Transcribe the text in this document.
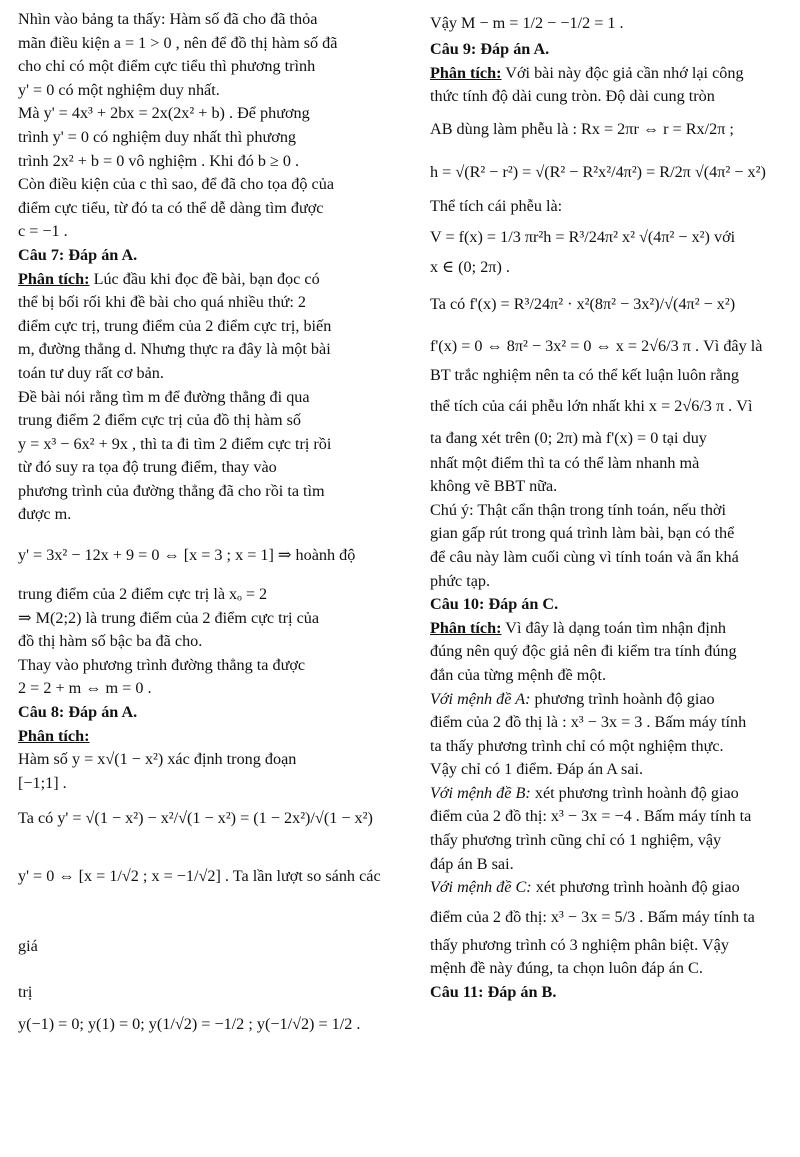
Nhìn vào bảng ta thấy: Hàm số đã cho đã thỏa

mãn điều kiện a = 1 > 0 , nên để đồ thị hàm số đã

cho chỉ có một điểm cực tiểu thì phương trình

y' = 0 có một nghiệm duy nhất.

Mà y' = 4x³ + 2bx = 2x(2x² + b) . Để phương

trình y' = 0 có nghiệm duy nhất thì phương

trình 2x² + b = 0 vô nghiệm . Khi đó b ≥ 0 .

Còn điều kiện của c thì sao, để đã cho tọa độ của

điểm cực tiểu, từ đó ta có thể dễ dàng tìm được

c = −1 .

Câu 7: Đáp án A.

Phân tích: Lúc đầu khi đọc đề bài, bạn đọc có

thể bị bối rối khi đề bài cho quá nhiều thứ: 2

điểm cực trị, trung điểm của 2 điểm cực trị, biến

m, đường thẳng d. Nhưng thực ra đây là một bài

toán tư duy rất cơ bản.

Đề bài nói rằng tìm m để đường thẳng đi qua

trung điểm 2 điểm cực trị của đồ thị hàm số

y = x³ − 6x² + 9x , thì ta đi tìm 2 điểm cực trị rồi

từ đó suy ra tọa độ trung điểm, thay vào

phương trình của đường thẳng đã cho rồi ta tìm

được m.

y' = 3x² − 12x + 9 = 0 ⇔ [x = 3 ; x = 1] ⇒ hoành độ

trung điểm của 2 điểm cực trị là xₒ = 2

⇒ M(2;2) là trung điểm của 2 điểm cực trị của

đồ thị hàm số bậc ba đã cho.

Thay vào phương trình đường thẳng ta được

2 = 2 + m ⇔ m = 0 .

Câu 8: Đáp án A.

Phân tích:

Hàm số y = x√(1 − x²) xác định trong đoạn

[−1;1] .

Ta có y' = √(1 − x²) − x²/√(1 − x²) = (1 − 2x²)/√(1 − x²)

y' = 0 ⇔ [x = 1/√2 ; x = −1/√2] . Ta lần lượt so sánh các giá

trị

y(−1) = 0; y(1) = 0; y(1/√2) = −1/2 ; y(−1/√2) = 1/2 .

Vậy M − m = 1/2 − −1/2 = 1 .

Câu 9: Đáp án A.

Phân tích: Với bài này độc giả cần nhớ lại công

thức tính độ dài cung tròn. Độ dài cung tròn

AB dùng làm phễu là : Rx = 2πr ⇔ r = Rx/2π ;

h = √(R² − r²) = √(R² − R²x²/4π²) = R/2π √(4π² − x²)

Thể tích cái phễu là:

V = f(x) = 1/3 πr²h = R³/24π² x² √(4π² − x²) với

x ∈ (0; 2π) .

Ta có f'(x) = R³/24π² · x²(8π² − 3x²)/√(4π² − x²)

f'(x) = 0 ⇔ 8π² − 3x² = 0 ⇔ x = 2√6/3 π . Vì đây là

BT trắc nghiệm nên ta có thể kết luận luôn rằng

thể tích của cái phễu lớn nhất khi x = 2√6/3 π . Vì

ta đang xét trên (0; 2π) mà f'(x) = 0 tại duy

nhất một điểm thì ta có thể làm nhanh mà

không vẽ BBT nữa.

Chú ý: Thật cẩn thận trong tính toán, nếu thời

gian gấp rút trong quá trình làm bài, bạn có thể

để câu này làm cuối cùng vì tính toán và ẩn khá

phức tạp.

Câu 10: Đáp án C.

Phân tích: Vì đây là dạng toán tìm nhận định

đúng nên quý độc giả nên đi kiểm tra tính đúng

đắn của từng mệnh đề một.

Với mệnh đề A: phương trình hoành độ giao

điểm của 2 đồ thị là : x³ − 3x = 3 . Bấm máy tính

ta thấy phương trình chỉ có một nghiệm thực.

Vậy chỉ có 1 điểm. Đáp án A sai.

Với mệnh đề B: xét phương trình hoành độ giao

điểm của 2 đồ thị: x³ − 3x = −4 . Bấm máy tính ta

thấy phương trình cũng chỉ có 1 nghiệm, vậy

đáp án B sai.

Với mệnh đề C: xét phương trình hoành độ giao

điểm của 2 đồ thị: x³ − 3x = 5/3 . Bấm máy tính ta

thấy phương trình có 3 nghiệm phân biệt. Vậy

mệnh đề này đúng, ta chọn luôn đáp án C.

Câu 11: Đáp án B.
